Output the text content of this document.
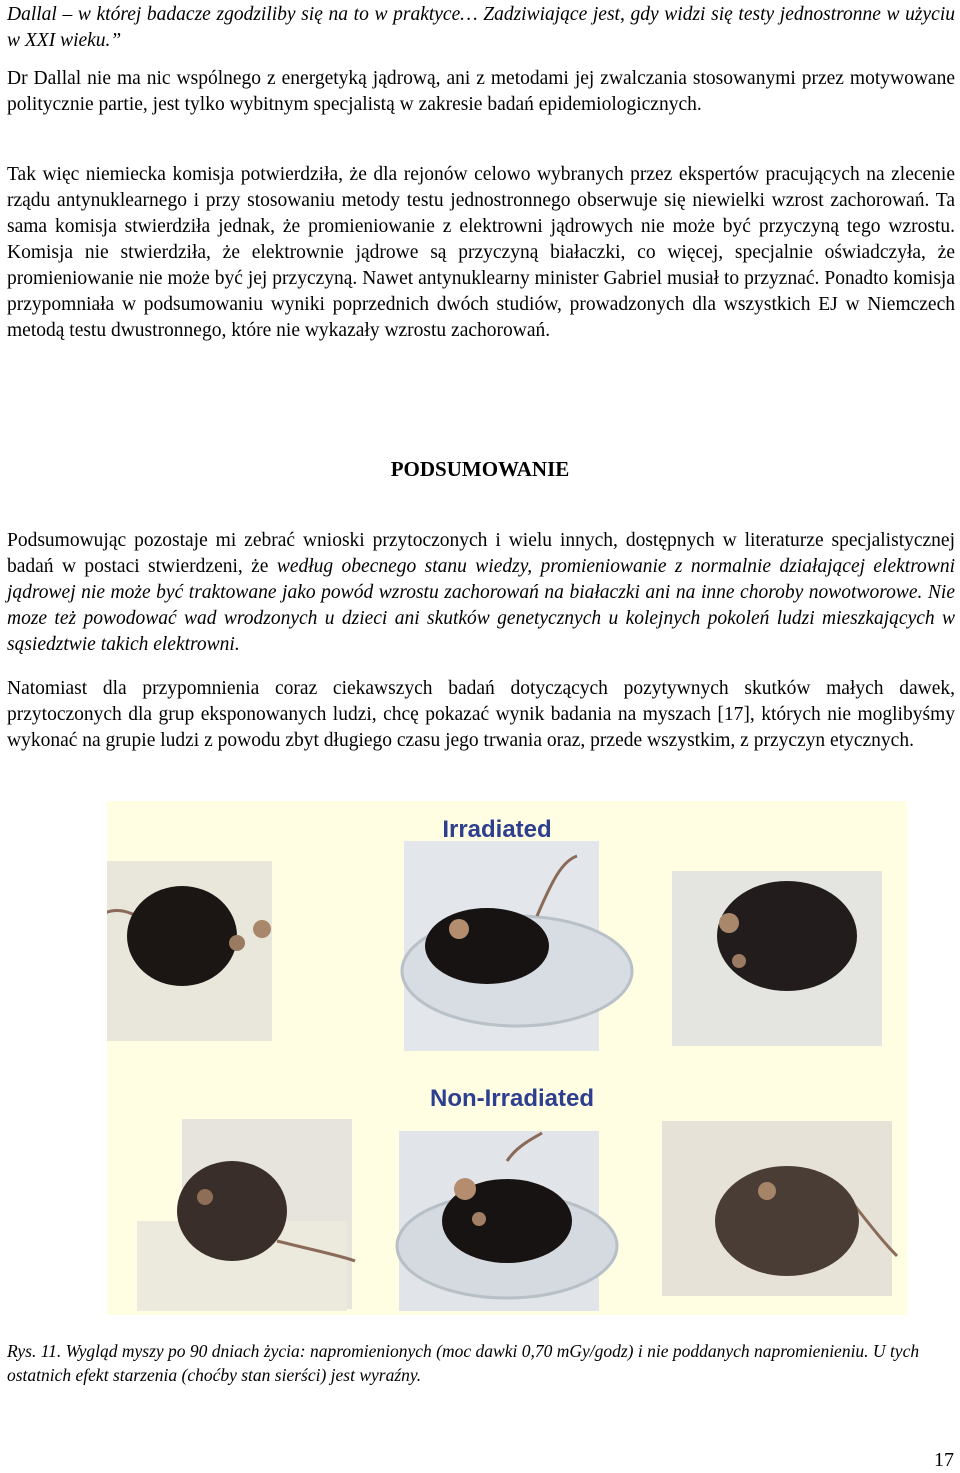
Dallal – w której badacze zgodziliby się na to w praktyce… Zadziwiające jest, gdy widzi się testy jednostronne w użyciu w XXI wieku.”

Dr Dallal nie ma nic wspólnego z energetyką jądrową, ani z metodami jej zwalczania stosowanymi przez motywowane politycznie partie, jest tylko wybitnym specjalistą w zakresie badań epidemiologicznych.

Tak więc niemiecka komisja potwierdziła, że dla rejonów celowo wybranych przez ekspertów pracujących na zlecenie rządu antynuklearnego i przy stosowaniu metody testu jednostronnego obserwuje się niewielki wzrost zachorowań. Ta sama komisja stwierdziła jednak, że promieniowanie z elektrowni jądrowych nie może być przyczyną tego wzrostu. Komisja nie stwierdziła, że elektrownie jądrowe są przyczyną białaczki, co więcej, specjalnie oświadczyła, że promieniowanie nie może być jej przyczyną. Nawet antynuklearny minister Gabriel musiał to przyznać. Ponadto komisja przypomniała w podsumowaniu wyniki poprzednich dwóch studiów, prowadzonych dla wszystkich EJ w Niemczech metodą testu dwustronnego, które nie wykazały wzrostu zachorowań.

PODSUMOWANIE

Podsumowując pozostaje mi zebrać wnioski przytoczonych i wielu innych, dostępnych w literaturze specjalistycznej badań w postaci stwierdzeni, że według obecnego stanu wiedzy, promieniowanie z normalnie działającej elektrowni jądrowej nie może być traktowane jako powód wzrostu zachorowań na białaczki ani na inne choroby nowotworowe. Nie moze też powodować wad wrodzonych u dzieci ani skutków genetycznych u kolejnych pokoleń ludzi mieszkających w sąsiedztwie takich elektrowni.

Natomiast dla przypomnienia coraz ciekawszych badań dotyczących pozytywnych skutków małych dawek, przytoczonych dla grup eksponowanych ludzi, chcę pokazać wynik badania na myszach [17], których nie moglibyśmy wykonać na grupie ludzi z powodu zbyt długiego czasu jego trwania oraz, przede wszystkim, z przyczyn etycznych.

Irradiated
Non-Irradiated

Rys. 11. Wygląd myszy po 90 dniach życia: napromienionych (moc dawki 0,70 mGy/godz) i nie poddanych napromienieniu. U tych ostatnich efekt starzenia (choćby stan sierści) jest wyraźny.

17
